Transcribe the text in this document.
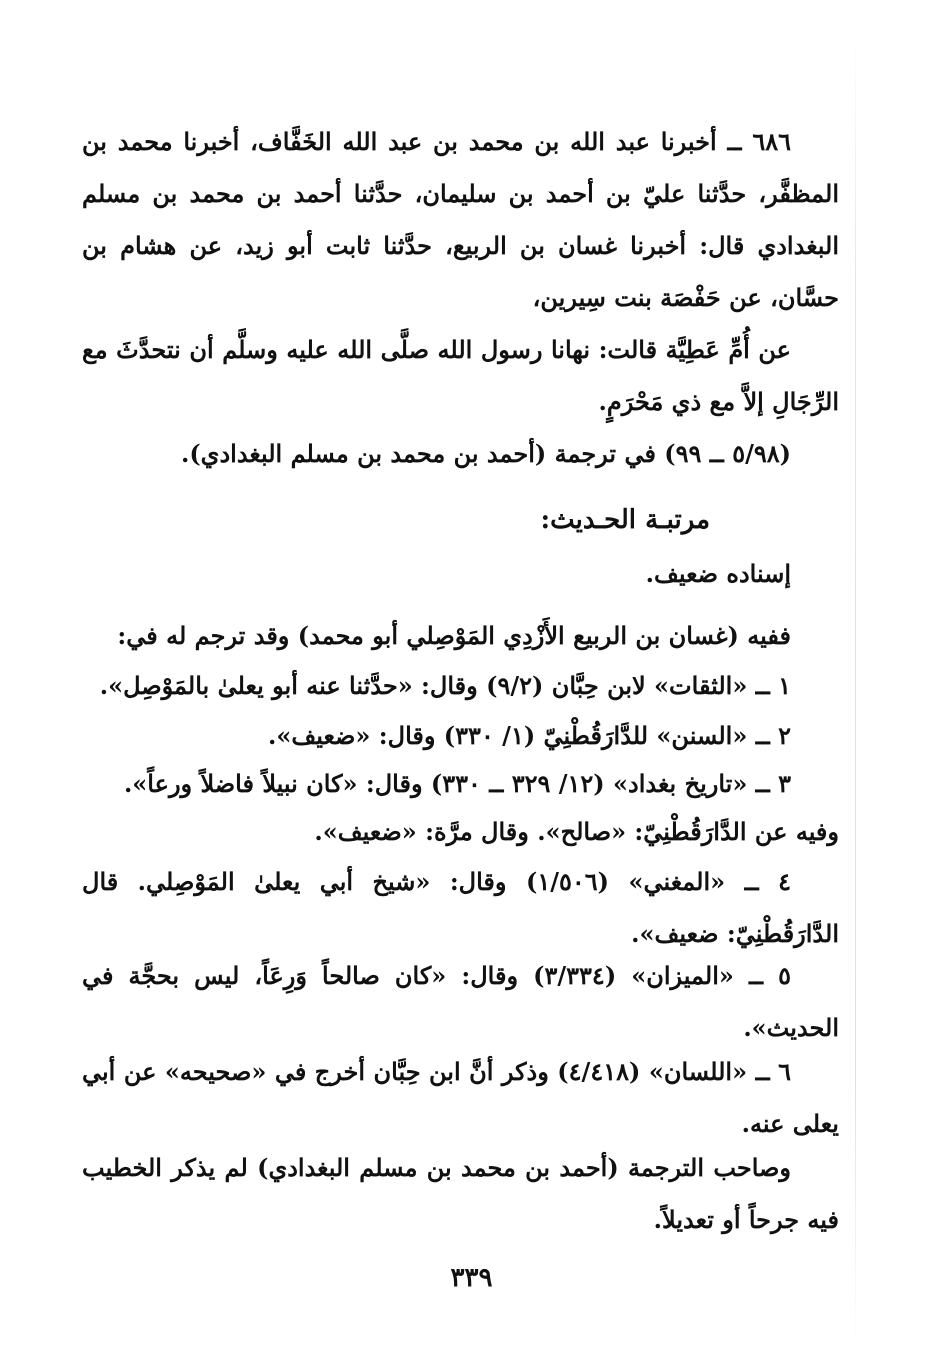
٦٨٦ ــ أخبرنا عبد الله بن محمد بن عبد الله الخَفَّاف، أخبرنا محمد بن المظفَّر، حدَّثنا عليّ بن أحمد بن سليمان، حدَّثنا أحمد بن محمد بن مسلم البغدادي قال: أخبرنا غسان بن الربيع، حدَّثنا ثابت أبو زيد، عن هشام بن حسَّان، عن حَفْصَة بنت سِيرين،
عن أُمِّ عَطِيَّة قالت: نهانا رسول الله صلَّى الله عليه وسلَّم أن نتحدَّثَ مع الرِّجَالِ إلاَّ مع ذي مَحْرَمٍ.
(٥/٩٨ ــ ٩٩) في ترجمة (أحمد بن محمد بن مسلم البغدادي).
مرتبـة الحـديث:
إسناده ضعيف.
ففيه (غسان بن الربيع الأَزْدِي المَوْصِلي أبو محمد) وقد ترجم له في:
١ ــ «الثقات» لابن حِبَّان (٩/٢) وقال: «حدَّثنا عنه أبو يعلىٰ بالمَوْصِل».
٢ ــ «السنن» للدَّارَقُطْنِيّ (١/ ٣٣٠) وقال: «ضعيف».
٣ ــ «تاريخ بغداد» (١٢/ ٣٢٩ ــ ٣٣٠) وقال: «كان نبيلاً فاضلاً ورعاً».
وفيه عن الدَّارَقُطْنِيّ: «صالح». وقال مرَّة: «ضعيف».
٤ ــ «المغني» (١/٥٠٦) وقال: «شيخ أبي يعلىٰ المَوْصِلي. قال الدَّارَقُطْنِيّ: ضعيف».
٥ ــ «الميزان» (٣/٣٣٤) وقال: «كان صالحاً وَرِعَاً، ليس بحجَّة في الحديث».
٦ ــ «اللسان» (٤/٤١٨) وذكر أنَّ ابن حِبَّان أخرج في «صحيحه» عن أبي يعلى عنه.
وصاحب الترجمة (أحمد بن محمد بن مسلم البغدادي) لم يذكر الخطيب فيه جرحاً أو تعديلاً.
٣٣٩
